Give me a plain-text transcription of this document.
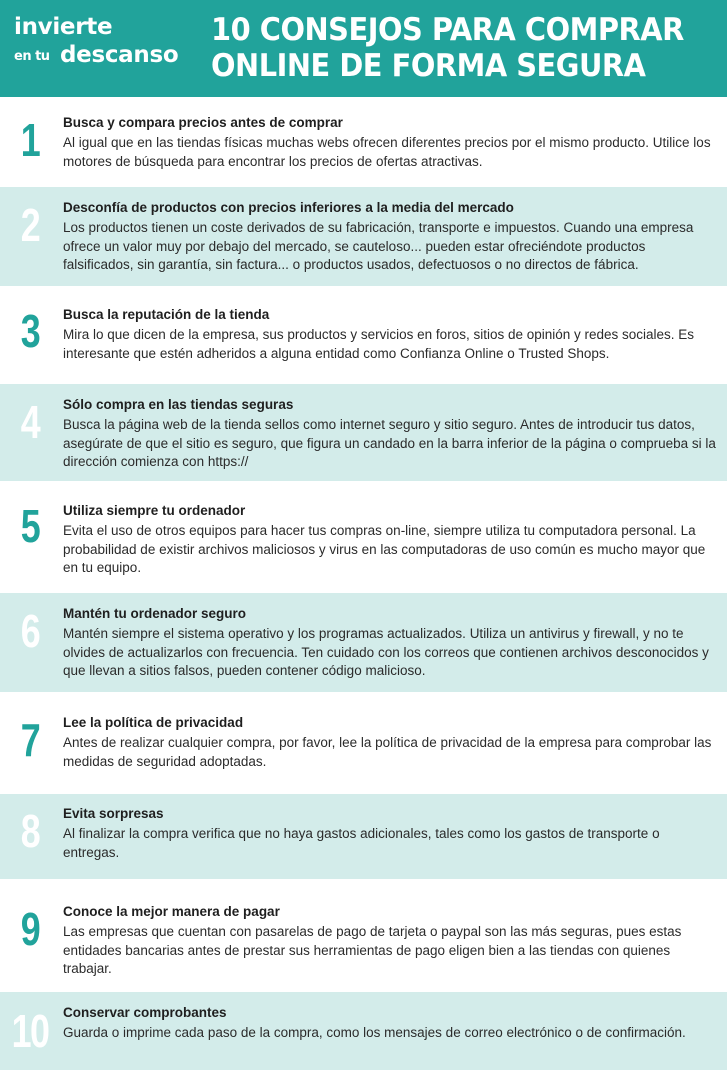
invierte
en tu descanso
10 CONSEJOS PARA COMPRAR
ONLINE DE FORMA SEGURA
1	Busca y compara precios antes de comprar
Al igual que en las tiendas físicas muchas webs ofrecen diferentes precios por el mismo producto. Utilice los motores de búsqueda para encontrar los precios de ofertas atractivas.
2	Desconfía de productos con precios inferiores a la media del mercado
Los productos tienen un coste derivados de su fabricación, transporte e impuestos. Cuando una empresa ofrece un valor muy por debajo del mercado, se cauteloso... pueden estar ofreciéndote productos falsificados, sin garantía, sin factura... o productos usados, defectuosos o no directos de fábrica.
3	Busca la reputación de la tienda
Mira lo que dicen de la empresa, sus productos y servicios en foros, sitios de opinión y redes sociales. Es interesante que estén adheridos a alguna entidad como Confianza Online o Trusted Shops.
4	Sólo compra en las tiendas seguras
Busca la página web de la tienda sellos como internet seguro y sitio seguro. Antes de introducir tus datos, asegúrate de que el sitio es seguro, que figura un candado en la barra inferior de la página o comprueba si la dirección comienza con https://
5	Utiliza siempre tu ordenador
Evita el uso de otros equipos para hacer tus compras on-line, siempre utiliza tu computadora personal. La probabilidad de existir archivos maliciosos y virus en las computadoras de uso común es mucho mayor que en tu equipo.
6	Mantén tu ordenador seguro
Mantén siempre el sistema operativo y los programas actualizados. Utiliza un antivirus y firewall, y no te olvides de actualizarlos con frecuencia. Ten cuidado con los correos que contienen archivos desconocidos y que llevan a sitios falsos, pueden contener código malicioso.
7	Lee la política de privacidad
Antes de realizar cualquier compra, por favor, lee la política de privacidad de la empresa para comprobar las medidas de seguridad adoptadas.
8	Evita sorpresas
Al finalizar la compra verifica que no haya gastos adicionales, tales como los gastos de transporte o entregas.
9	Conoce la mejor manera de pagar
Las empresas que cuentan con pasarelas de pago de tarjeta o paypal son las más seguras, pues estas entidades bancarias antes de prestar sus herramientas de pago eligen bien a las tiendas con quienes trabajar.
10	Conservar comprobantes
Guarda o imprime cada paso de la compra, como los mensajes de correo electrónico o de confirmación.
